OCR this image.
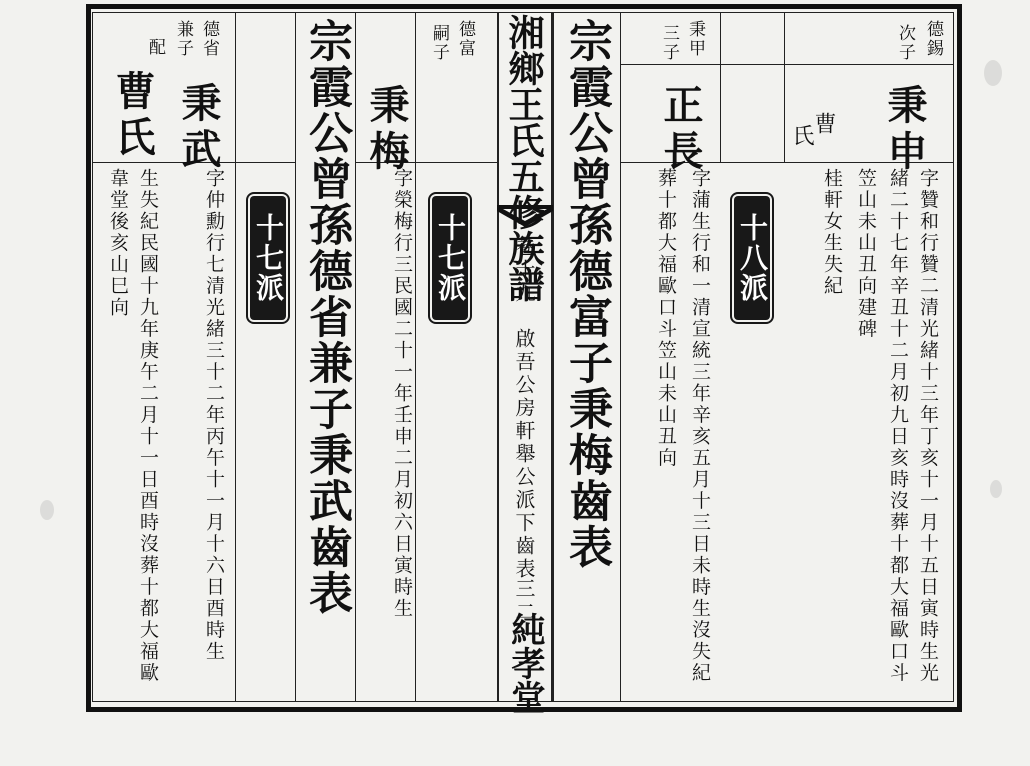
湘鄉王氏五修族譜
卷十九　啟吾公房軒舉公派下齒表
三二
純孝堂
宗霞公曾孫德富子秉梅齒表	德錫
次子
秉申
字贊和行贊二清光緒十三年丁亥十一月十五日寅時生光
緒二十七年辛丑十二月初九日亥時沒葬十都大福歐口斗
笠山未山丑向建碑
曹
氏
桂軒女生失紀
十八派
秉甲
三子
正長
字蒲生行和一清宣統三年辛亥五月十三日未時生沒失紀
葬十都大福歐口斗笠山未山丑向
宗霞公曾孫德省兼子秉武齒表	德富
嗣子
秉梅
字榮梅行三民國二十一年壬申二月初六日寅時生 十七派
德省
兼子
秉武
字仲勳行七清光緒三十二年丙午十一月十六日酉時生 十七派
配
曹氏
生失紀民國十九年庚午二月十一日酉時沒葬十都大福歐
韋堂後亥山巳向
